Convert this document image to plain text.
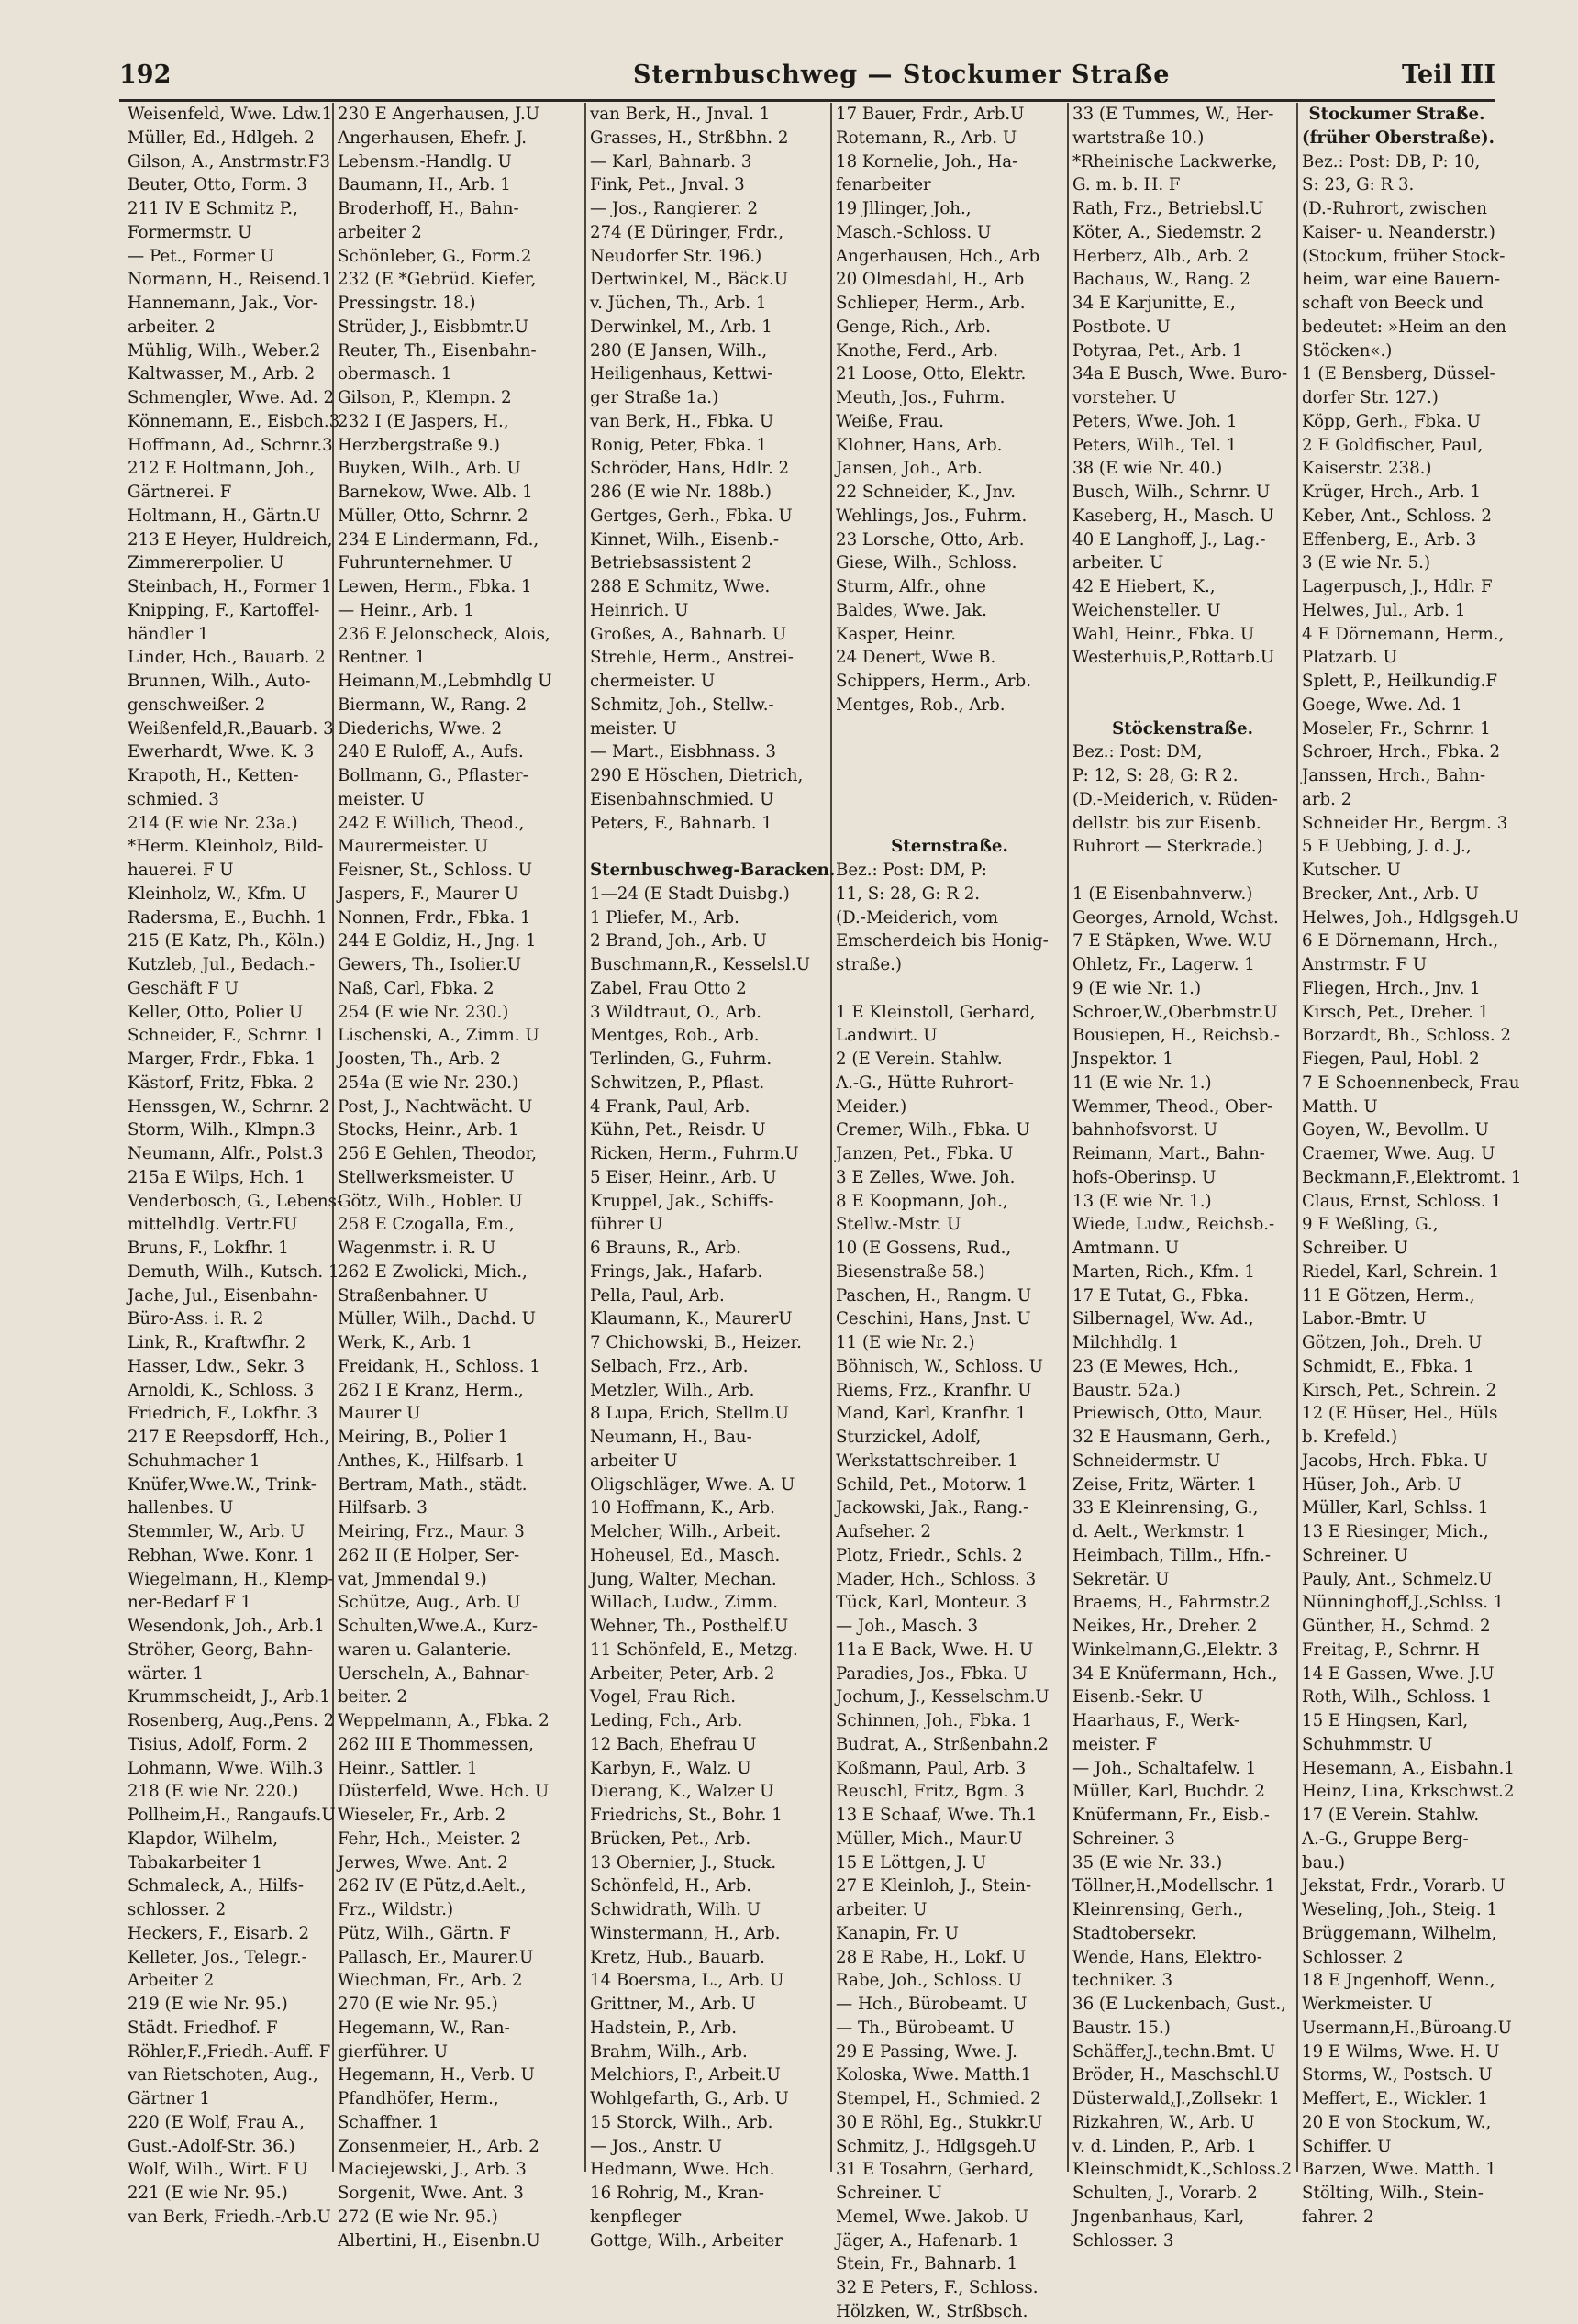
192	Sternbuschweg — Stockumer Straße	Teil III
Weisenfeld, Wwe. Ldw.1
Müller, Ed., Hdlgeh. 2
Gilson, A., Anstrmstr.F3
Beuter, Otto, Form. 3
211 IV E Schmitz P.,
Formermstr. U
— Pet., Former U
Normann, H., Reisend.1
Hannemann, Jak., Vor-
arbeiter. 2
Mühlig, Wilh., Weber.2
Kaltwasser, M., Arb. 2
Schmengler, Wwe. Ad. 2
Könnemann, E., Eisbch.3
Hoffmann, Ad., Schrnr.3
212 E Holtmann, Joh.,
Gärtnerei. F
Holtmann, H., Gärtn.U
213 E Heyer, Huldreich,
Zimmererpolier. U
Steinbach, H., Former 1
Knipping, F., Kartoffel-
händler 1
Linder, Hch., Bauarb. 2
Brunnen, Wilh., Auto-
genschweißer. 2
Weißenfeld,R.,Bauarb. 3
Ewerhardt, Wwe. K. 3
Krapoth, H., Ketten-
schmied. 3
214 (E wie Nr. 23a.)
*Herm. Kleinholz, Bild-
hauerei. F U
Kleinholz, W., Kfm. U
Radersma, E., Buchh. 1
215 (E Katz, Ph., Köln.)
Kutzleb, Jul., Bedach.-
Geschäft F U
Keller, Otto, Polier U
Schneider, F., Schrnr. 1
Marger, Frdr., Fbka. 1
Kästorf, Fritz, Fbka. 2
Henssgen, W., Schrnr. 2
Storm, Wilh., Klmpn.3
Neumann, Alfr., Polst.3
215a E Wilps, Hch. 1
Venderbosch, G., Lebens-
mittelhdlg. Vertr.FU
Bruns, F., Lokfhr. 1
Demuth, Wilh., Kutsch. 1
Jache, Jul., Eisenbahn-
Büro-Ass. i. R. 2
Link, R., Kraftwfhr. 2
Hasser, Ldw., Sekr. 3
Arnoldi, K., Schloss. 3
Friedrich, F., Lokfhr. 3
217 E Reepsdorff, Hch.,
Schuhmacher 1
Knüfer,Wwe.W., Trink-
hallenbes. U
Stemmler, W., Arb. U
Rebhan, Wwe. Konr. 1
Wiegelmann, H., Klemp-
ner-Bedarf F 1
Wesendonk, Joh., Arb.1
Ströher, Georg, Bahn-
wärter. 1
Krummscheidt, J., Arb.1
Rosenberg, Aug.,Pens. 2
Tisius, Adolf, Form. 2
Lohmann, Wwe. Wilh.3
218 (E wie Nr. 220.)
Pollheim,H., Rangaufs.U
Klapdor, Wilhelm,
Tabakarbeiter 1
Schmaleck, A., Hilfs-
schlosser. 2
Heckers, F., Eisarb. 2
Kelleter, Jos., Telegr.-
Arbeiter 2
219 (E wie Nr. 95.)
Städt. Friedhof. F
Röhler,F.,Friedh.-Auff. F
van Rietschoten, Aug.,
Gärtner 1
220 (E Wolf, Frau A.,
Gust.-Adolf-Str. 36.)
Wolf, Wilh., Wirt. F U
221 (E wie Nr. 95.)
van Berk, Friedh.-Arb.U
230 E Angerhausen, J.U
Angerhausen, Ehefr. J.
Lebensm.-Handlg. U
Baumann, H., Arb. 1
Broderhoff, H., Bahn-
arbeiter 2
Schönleber, G., Form.2
232 (E *Gebrüd. Kiefer,
Pressingstr. 18.)
Strüder, J., Eisbbmtr.U
Reuter, Th., Eisenbahn-
obermasch. 1
Gilson, P., Klempn. 2
232 I (E Jaspers, H.,
Herzbergstraße 9.)
Buyken, Wilh., Arb. U
Barnekow, Wwe. Alb. 1
Müller, Otto, Schrnr. 2
234 E Lindermann, Fd.,
Fuhrunternehmer. U
Lewen, Herm., Fbka. 1
— Heinr., Arb. 1
236 E Jelonscheck, Alois,
Rentner. 1
Heimann,M.,Lebmhdlg U
Biermann, W., Rang. 2
Diederichs, Wwe. 2
240 E Ruloff, A., Aufs.
Bollmann, G., Pflaster-
meister. U
242 E Willich, Theod.,
Maurermeister. U
Feisner, St., Schloss. U
Jaspers, F., Maurer U
Nonnen, Frdr., Fbka. 1
244 E Goldiz, H., Jng. 1
Gewers, Th., Isolier.U
Naß, Carl, Fbka. 2
254 (E wie Nr. 230.)
Lischenski, A., Zimm. U
Joosten, Th., Arb. 2
254a (E wie Nr. 230.)
Post, J., Nachtwächt. U
Stocks, Heinr., Arb. 1
256 E Gehlen, Theodor,
Stellwerksmeister. U
Götz, Wilh., Hobler. U
258 E Czogalla, Em.,
Wagenmstr. i. R. U
262 E Zwolicki, Mich.,
Straßenbahner. U
Müller, Wilh., Dachd. U
Werk, K., Arb. 1
Freidank, H., Schloss. 1
262 I E Kranz, Herm.,
Maurer U
Meiring, B., Polier 1
Anthes, K., Hilfsarb. 1
Bertram, Math., städt.
Hilfsarb. 3
Meiring, Frz., Maur. 3
262 II (E Holper, Ser-
vat, Jmmendal 9.)
Schütze, Aug., Arb. U
Schulten,Wwe.A., Kurz-
waren u. Galanterie.
Uerscheln, A., Bahnar-
beiter. 2
Weppelmann, A., Fbka. 2
262 III E Thommessen,
Heinr., Sattler. 1
Düsterfeld, Wwe. Hch. U
Wieseler, Fr., Arb. 2
Fehr, Hch., Meister. 2
Jerwes, Wwe. Ant. 2
262 IV (E Pütz,d.Aelt.,
Frz., Wildstr.)
Pütz, Wilh., Gärtn. F
Pallasch, Er., Maurer.U
Wiechman, Fr., Arb. 2
270 (E wie Nr. 95.)
Hegemann, W., Ran-
gierführer. U
Hegemann, H., Verb. U
Pfandhöfer, Herm.,
Schaffner. 1
Zonsenmeier, H., Arb. 2
Maciejewski, J., Arb. 3
Sorgenit, Wwe. Ant. 3
272 (E wie Nr. 95.)
Albertini, H., Eisenbn.U
van Berk, H., Jnval. 1
Grasses, H., Strßbhn. 2
— Karl, Bahnarb. 3
Fink, Pet., Jnval. 3
— Jos., Rangierer. 2
274 (E Düringer, Frdr.,
Neudorfer Str. 196.)
Dertwinkel, M., Bäck.U
v. Jüchen, Th., Arb. 1
Derwinkel, M., Arb. 1
280 (E Jansen, Wilh.,
Heiligenhaus, Kettwi-
ger Straße 1a.)
van Berk, H., Fbka. U
Ronig, Peter, Fbka. 1
Schröder, Hans, Hdlr. 2
286 (E wie Nr. 188b.)
Gertges, Gerh., Fbka. U
Kinnet, Wilh., Eisenb.-
Betriebsassistent 2
288 E Schmitz, Wwe.
Heinrich. U
Großes, A., Bahnarb. U
Strehle, Herm., Anstrei-
chermeister. U
Schmitz, Joh., Stellw.-
meister. U
— Mart., Eisbhnass. 3
290 E Höschen, Dietrich,
Eisenbahnschmied. U
Peters, F., Bahnarb. 1
Sternbuschweg-Baracken.
1—24 (E Stadt Duisbg.)
1 Pliefer, M., Arb.
2 Brand, Joh., Arb. U
Buschmann,R., Kesselsl.U
Zabel, Frau Otto 2
3 Wildtraut, O., Arb.
Mentges, Rob., Arb.
Terlinden, G., Fuhrm.
Schwitzen, P., Pflast.
4 Frank, Paul, Arb.
Kühn, Pet., Reisdr. U
Ricken, Herm., Fuhrm.U
5 Eiser, Heinr., Arb. U
Kruppel, Jak., Schiffs-
führer U
6 Brauns, R., Arb.
Frings, Jak., Hafarb.
Pella, Paul, Arb.
Klaumann, K., MaurerU
7 Chichowski, B., Heizer.
Selbach, Frz., Arb.
Metzler, Wilh., Arb.
8 Lupa, Erich, Stellm.U
Neumann, H., Bau-
arbeiter U
Oligschläger, Wwe. A. U
10 Hoffmann, K., Arb.
Melcher, Wilh., Arbeit.
Hoheusel, Ed., Masch.
Jung, Walter, Mechan.
Willach, Ludw., Zimm.
Wehner, Th., Posthelf.U
11 Schönfeld, E., Metzg.
Arbeiter, Peter, Arb. 2
Vogel, Frau Rich.
Leding, Fch., Arb.
12 Bach, Ehefrau U
Karbyn, F., Walz. U
Dierang, K., Walzer U
Friedrichs, St., Bohr. 1
Brücken, Pet., Arb.
13 Obernier, J., Stuck.
Schönfeld, H., Arb.
Schwidrath, Wilh. U
Winstermann, H., Arb.
Kretz, Hub., Bauarb.
14 Boersma, L., Arb. U
Grittner, M., Arb. U
Hadstein, P., Arb.
Brahm, Wilh., Arb.
Melchiors, P., Arbeit.U
Wohlgefarth, G., Arb. U
15 Storck, Wilh., Arb.
— Jos., Anstr. U
Hedmann, Wwe. Hch.
16 Rohrig, M., Kran-
kenpfleger
Gottge, Wilh., Arbeiter
17 Bauer, Frdr., Arb.U
Rotemann, R., Arb. U
18 Kornelie, Joh., Ha-
fenarbeiter
19 Jllinger, Joh.,
Masch.-Schloss. U
Angerhausen, Hch., Arb
20 Olmesdahl, H., Arb
Schlieper, Herm., Arb.
Genge, Rich., Arb.
Knothe, Ferd., Arb.
21 Loose, Otto, Elektr.
Meuth, Jos., Fuhrm.
Weiße, Frau.
Klohner, Hans, Arb.
Jansen, Joh., Arb.
22 Schneider, K., Jnv.
Wehlings, Jos., Fuhrm.
23 Lorsche, Otto, Arb.
Giese, Wilh., Schloss.
Sturm, Alfr., ohne
Baldes, Wwe. Jak.
Kasper, Heinr.
24 Denert, Wwe B.
Schippers, Herm., Arb.
Mentges, Rob., Arb.
Sternstraße.
Bez.: Post: DM, P:
11, S: 28, G: R 2.
(D.-Meiderich, vom
Emscherdeich bis Honig-
straße.)
1 E Kleinstoll, Gerhard,
Landwirt. U
2 (E Verein. Stahlw.
A.-G., Hütte Ruhrort-
Meider.)
Cremer, Wilh., Fbka. U
Janzen, Pet., Fbka. U
3 E Zelles, Wwe. Joh.
8 E Koopmann, Joh.,
Stellw.-Mstr. U
10 (E Gossens, Rud.,
Biesenstraße 58.)
Paschen, H., Rangm. U
Ceschini, Hans, Jnst. U
11 (E wie Nr. 2.)
Böhnisch, W., Schloss. U
Riems, Frz., Kranfhr. U
Mand, Karl, Kranfhr. 1
Sturzickel, Adolf,
Werkstattschreiber. 1
Schild, Pet., Motorw. 1
Jackowski, Jak., Rang.-
Aufseher. 2
Plotz, Friedr., Schls. 2
Mader, Hch., Schloss. 3
Tück, Karl, Monteur. 3
— Joh., Masch. 3
11a E Back, Wwe. H. U
Paradies, Jos., Fbka. U
Jochum, J., Kesselschm.U
Schinnen, Joh., Fbka. 1
Budrat, A., Strßenbahn.2
Koßmann, Paul, Arb. 3
Reuschl, Fritz, Bgm. 3
13 E Schaaf, Wwe. Th.1
Müller, Mich., Maur.U
15 E Löttgen, J. U
27 E Kleinloh, J., Stein-
arbeiter. U
Kanapin, Fr. U
28 E Rabe, H., Lokf. U
Rabe, Joh., Schloss. U
— Hch., Bürobeamt. U
— Th., Bürobeamt. U
29 E Passing, Wwe. J.
Koloska, Wwe. Matth.1
Stempel, H., Schmied. 2
30 E Röhl, Eg., Stukkr.U
Schmitz, J., Hdlgsgeh.U
31 E Tosahrn, Gerhard,
Schreiner. U
Memel, Wwe. Jakob. U
Jäger, A., Hafenarb. 1
Stein, Fr., Bahnarb. 1
32 E Peters, F., Schloss.
Hölzken, W., Strßbsch.
33 (E Tummes, W., Her-
wartstraße 10.)
*Rheinische Lackwerke,
G. m. b. H. F
Rath, Frz., Betriebsl.U
Köter, A., Siedemstr. 2
Herberz, Alb., Arb. 2
Bachaus, W., Rang. 2
34 E Karjunitte, E.,
Postbote. U
Potyraa, Pet., Arb. 1
34a E Busch, Wwe. Buro-
vorsteher. U
Peters, Wwe. Joh. 1
Peters, Wilh., Tel. 1
38 (E wie Nr. 40.)
Busch, Wilh., Schrnr. U
Kaseberg, H., Masch. U
40 E Langhoff, J., Lag.-
arbeiter. U
42 E Hiebert, K.,
Weichensteller. U
Wahl, Heinr., Fbka. U
Westerhuis,P.,Rottarb.U
Stöckenstraße.
Bez.: Post: DM,
P: 12, S: 28, G: R 2.
(D.-Meiderich, v. Rüden-
dellstr. bis zur Eisenb.
Ruhrort — Sterkrade.)
1 (E Eisenbahnverw.)
Georges, Arnold, Wchst.
7 E Stäpken, Wwe. W.U
Ohletz, Fr., Lagerw. 1
9 (E wie Nr. 1.)
Schroer,W.,Oberbmstr.U
Bousiepen, H., Reichsb.-
Jnspektor. 1
11 (E wie Nr. 1.)
Wemmer, Theod., Ober-
bahnhofsvorst. U
Reimann, Mart., Bahn-
hofs-Oberinsp. U
13 (E wie Nr. 1.)
Wiede, Ludw., Reichsb.-
Amtmann. U
Marten, Rich., Kfm. 1
17 E Tutat, G., Fbka.
Silbernagel, Ww. Ad.,
Milchhdlg. 1
23 (E Mewes, Hch.,
Baustr. 52a.)
Priewisch, Otto, Maur.
32 E Hausmann, Gerh.,
Schneidermstr. U
Zeise, Fritz, Wärter. 1
33 E Kleinrensing, G.,
d. Aelt., Werkmstr. 1
Heimbach, Tillm., Hfn.-
Sekretär. U
Braems, H., Fahrmstr.2
Neikes, Hr., Dreher. 2
Winkelmann,G.,Elektr. 3
34 E Knüfermann, Hch.,
Eisenb.-Sekr. U
Haarhaus, F., Werk-
meister. F
— Joh., Schaltafelw. 1
Müller, Karl, Buchdr. 2
Knüfermann, Fr., Eisb.-
Schreiner. 3
35 (E wie Nr. 33.)
Töllner,H.,Modellschr. 1
Kleinrensing, Gerh.,
Stadtobersekr.
Wende, Hans, Elektro-
techniker. 3
36 (E Luckenbach, Gust.,
Baustr. 15.)
Schäffer,J.,techn.Bmt. U
Bröder, H., Maschschl.U
Düsterwald,J.,Zollsekr. 1
Rizkahren, W., Arb. U
v. d. Linden, P., Arb. 1
Kleinschmidt,K.,Schloss.2
Schulten, J., Vorarb. 2
Jngenbanhaus, Karl,
Schlosser. 3
Stockumer Straße.
(früher Oberstraße).
Bez.: Post: DB, P: 10,
S: 23, G: R 3.
(D.-Ruhrort, zwischen
Kaiser- u. Neanderstr.)
(Stockum, früher Stock-
heim, war eine Bauern-
schaft von Beeck und
bedeutet: »Heim an den
Stöcken«.)
1 (E Bensberg, Düssel-
dorfer Str. 127.)
Köpp, Gerh., Fbka. U
2 E Goldfischer, Paul,
Kaiserstr. 238.)
Krüger, Hrch., Arb. 1
Keber, Ant., Schloss. 2
Effenberg, E., Arb. 3
3 (E wie Nr. 5.)
Lagerpusch, J., Hdlr. F
Helwes, Jul., Arb. 1
4 E Dörnemann, Herm.,
Platzarb. U
Splett, P., Heilkundig.F
Goege, Wwe. Ad. 1
Moseler, Fr., Schrnr. 1
Schroer, Hrch., Fbka. 2
Janssen, Hrch., Bahn-
arb. 2
Schneider Hr., Bergm. 3
5 E Uebbing, J. d. J.,
Kutscher. U
Brecker, Ant., Arb. U
Helwes, Joh., Hdlgsgeh.U
6 E Dörnemann, Hrch.,
Anstrmstr. F U
Fliegen, Hrch., Jnv. 1
Kirsch, Pet., Dreher. 1
Borzardt, Bh., Schloss. 2
Fiegen, Paul, Hobl. 2
7 E Schoennenbeck, Frau
Matth. U
Goyen, W., Bevollm. U
Craemer, Wwe. Aug. U
Beckmann,F.,Elektromt. 1
Claus, Ernst, Schloss. 1
9 E Weßling, G.,
Schreiber. U
Riedel, Karl, Schrein. 1
11 E Götzen, Herm.,
Labor.-Bmtr. U
Götzen, Joh., Dreh. U
Schmidt, E., Fbka. 1
Kirsch, Pet., Schrein. 2
12 (E Hüser, Hel., Hüls
b. Krefeld.)
Jacobs, Hrch. Fbka. U
Hüser, Joh., Arb. U
Müller, Karl, Schlss. 1
13 E Riesinger, Mich.,
Schreiner. U
Pauly, Ant., Schmelz.U
Nünninghoff,J.,Schlss. 1
Günther, H., Schmd. 2
Freitag, P., Schrnr. H
14 E Gassen, Wwe. J.U
Roth, Wilh., Schloss. 1
15 E Hingsen, Karl,
Schuhmmstr. U
Hesemann, A., Eisbahn.1
Heinz, Lina, Krkschwst.2
17 (E Verein. Stahlw.
A.-G., Gruppe Berg-
bau.)
Jekstat, Frdr., Vorarb. U
Weseling, Joh., Steig. 1
Brüggemann, Wilhelm,
Schlosser. 2
18 E Jngenhoff, Wenn.,
Werkmeister. U
Usermann,H.,Büroang.U
19 E Wilms, Wwe. H. U
Storms, W., Postsch. U
Meffert, E., Wickler. 1
20 E von Stockum, W.,
Schiffer. U
Barzen, Wwe. Matth. 1
Stölting, Wilh., Stein-
fahrer. 2
